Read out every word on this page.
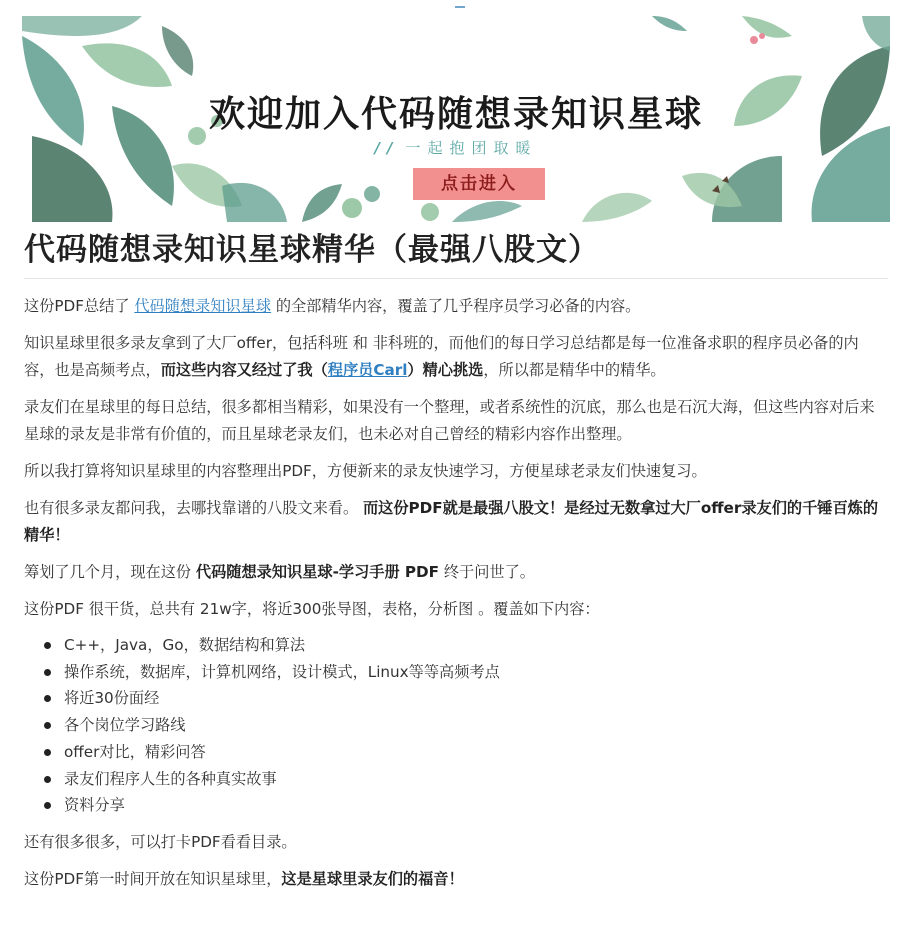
欢迎加入代码随想录知识星球
// 一起抱团取暖
点击进入
代码随想录知识星球精华（最强八股文）

这份PDF总结了 代码随想录知识星球 的全部精华内容，覆盖了几乎程序员学习必备的内容。

知识星球里很多录友拿到了大厂offer，包括科班 和 非科班的，而他们的每日学习总结都是每一位准备求职的程序员必备的内容，也是高频考点，而这些内容又经过了我（程序员Carl）精心挑选，所以都是精华中的精华。

录友们在星球里的每日总结，很多都相当精彩，如果没有一个整理，或者系统性的沉底，那么也是石沉大海，但这些内容对后来星球的录友是非常有价值的，而且星球老录友们，也未必对自己曾经的精彩内容作出整理。

所以我打算将知识星球里的内容整理出PDF，方便新来的录友快速学习，方便星球老录友们快速复习。

也有很多录友都问我，去哪找靠谱的八股文来看。 而这份PDF就是最强八股文！是经过无数拿过大厂offer录友们的千锤百炼的精华！

筹划了几个月，现在这份 代码随想录知识星球-学习手册 PDF 终于问世了。

这份PDF 很干货，总共有 21w字，将近300张导图，表格，分析图 。覆盖如下内容：

C++，Java，Go，数据结构和算法
操作系统，数据库，计算机网络，设计模式，Linux等等高频考点
将近30份面经
各个岗位学习路线
offer对比，精彩问答
录友们程序人生的各种真实故事
资料分享

还有很多很多，可以打卡PDF看看目录。

这份PDF第一时间开放在知识星球里，这是星球里录友们的福音！
